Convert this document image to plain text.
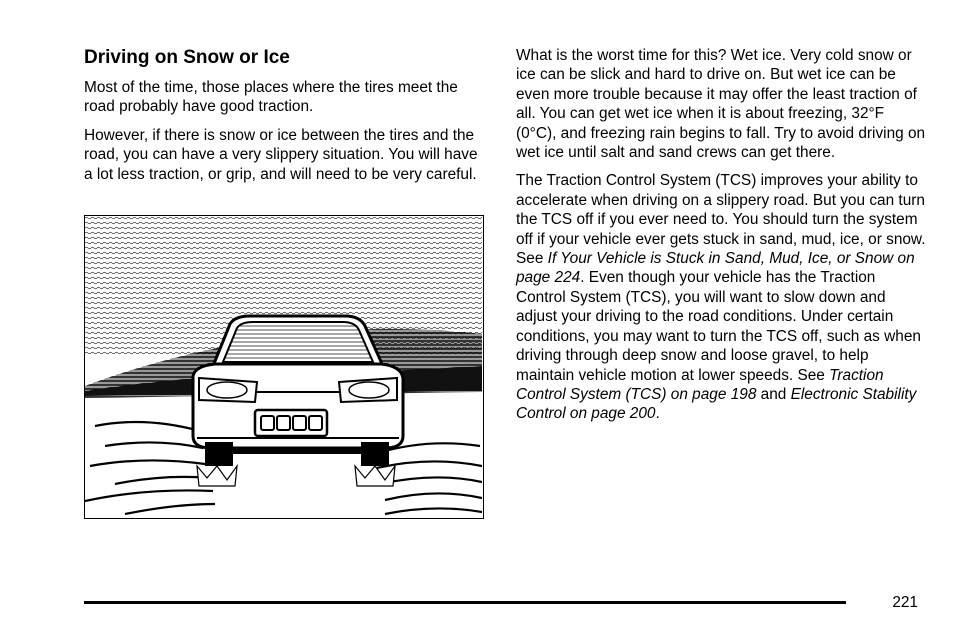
Driving on Snow or Ice

Most of the time, those places where the tires meet the road probably have good traction.

However, if there is snow or ice between the tires and the road, you can have a very slippery situation. You will have a lot less traction, or grip, and will need to be very careful.

What is the worst time for this? Wet ice. Very cold snow or ice can be slick and hard to drive on. But wet ice can be even more trouble because it may offer the least traction of all. You can get wet ice when it is about freezing, 32°F (0°C), and freezing rain begins to fall. Try to avoid driving on wet ice until salt and sand crews can get there.

The Traction Control System (TCS) improves your ability to accelerate when driving on a slippery road. But you can turn the TCS off if you ever need to. You should turn the system off if your vehicle ever gets stuck in sand, mud, ice, or snow. See If Your Vehicle is Stuck in Sand, Mud, Ice, or Snow on page 224. Even though your vehicle has the Traction Control System (TCS), you will want to slow down and adjust your driving to the road conditions. Under certain conditions, you may want to turn the TCS off, such as when driving through deep snow and loose gravel, to help maintain vehicle motion at lower speeds. See Traction Control System (TCS) on page 198 and Electronic Stability Control on page 200.

221
